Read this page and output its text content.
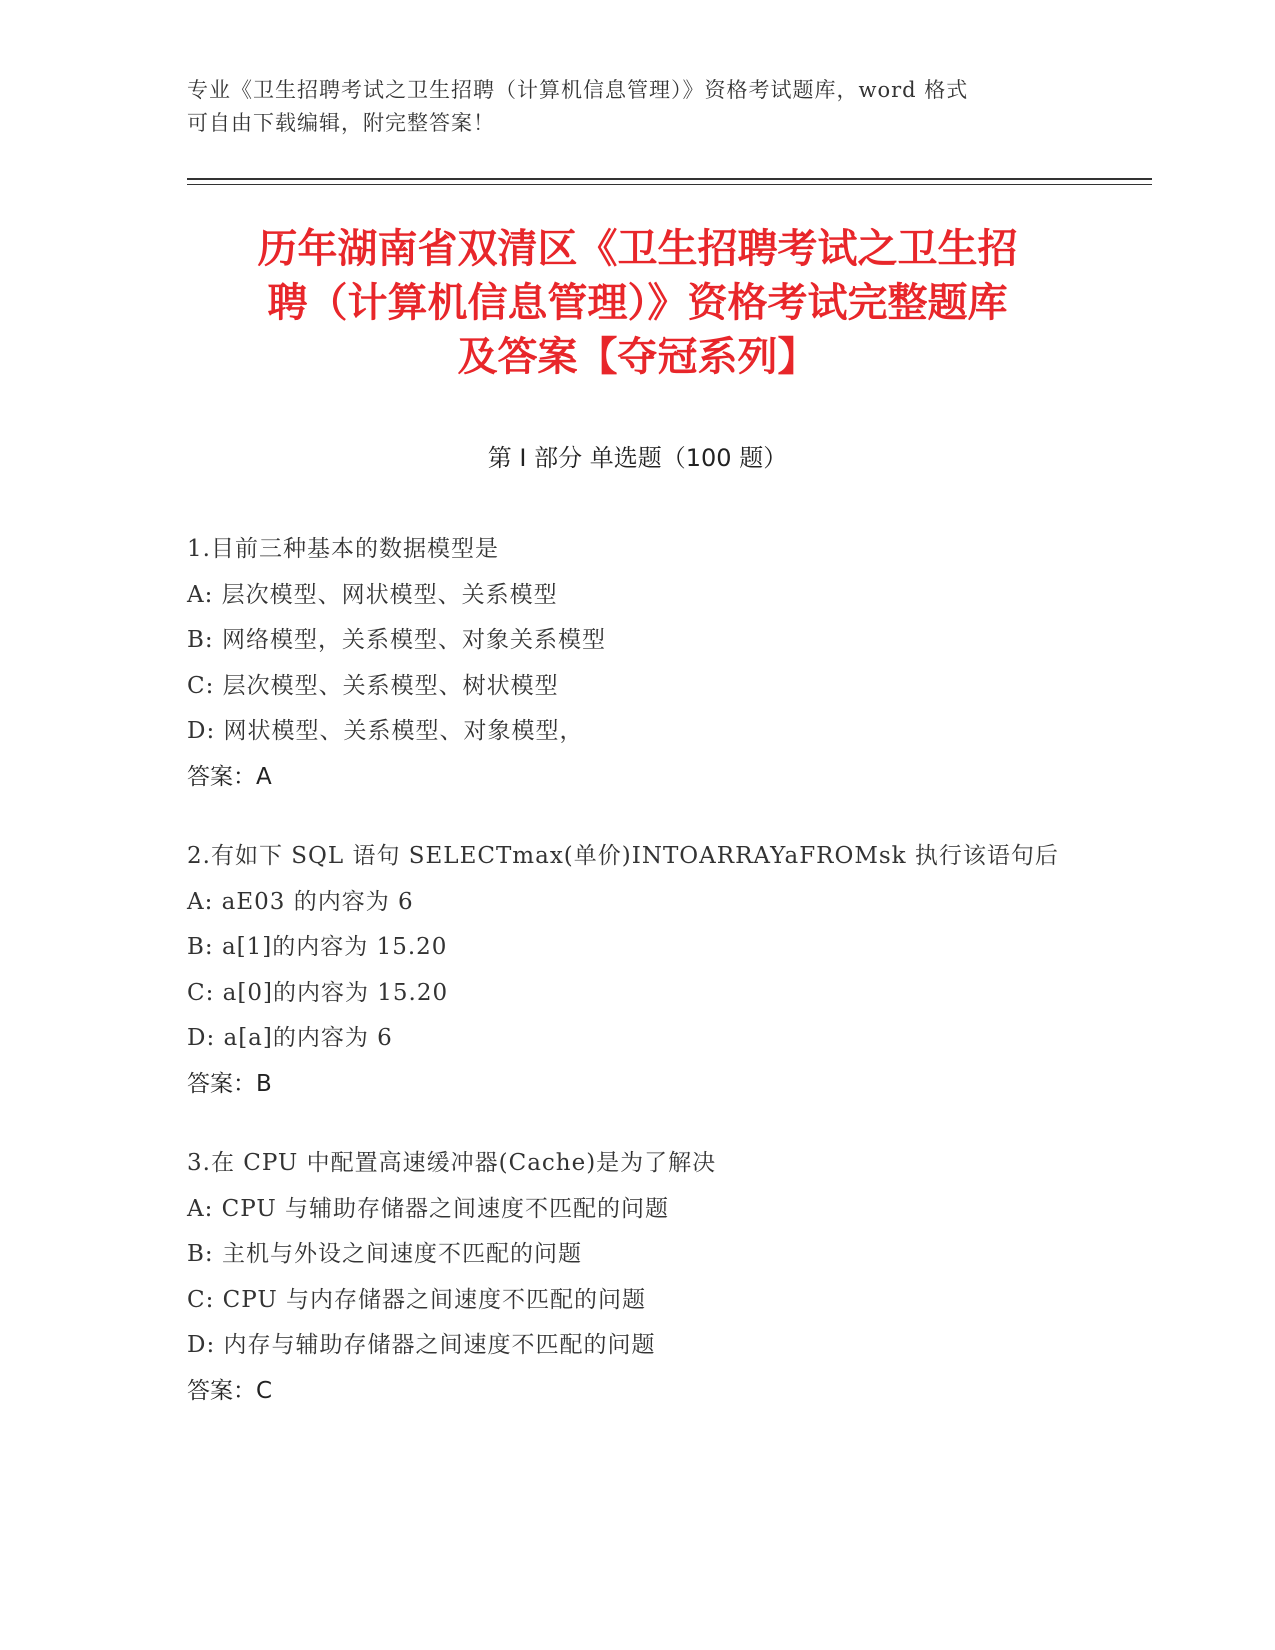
专业《卫生招聘考试之卫生招聘（计算机信息管理）》资格考试题库，word 格式
可自由下载编辑，附完整答案！
历年湖南省双清区《卫生招聘考试之卫生招
聘（计算机信息管理）》资格考试完整题库
及答案【夺冠系列】
第 I 部分 单选题（100 题）
1.目前三种基本的数据模型是
A: 层次模型、网状模型、关系模型
B: 网络模型，关系模型、对象关系模型
C: 层次模型、关系模型、树状模型
D: 网状模型、关系模型、对象模型，
答案：A
2.有如下 SQL 语句 SELECTmax(单价)INTOARRAYaFROMsk 执行该语句后
A: aE03 的内容为 6
B: a[1]的内容为 15.20
C: a[0]的内容为 15.20
D: a[a]的内容为 6
答案：B
3.在 CPU 中配置高速缓冲器(Cache)是为了解决
A: CPU 与辅助存储器之间速度不匹配的问题
B: 主机与外设之间速度不匹配的问题
C: CPU 与内存储器之间速度不匹配的问题
D: 内存与辅助存储器之间速度不匹配的问题
答案：C
